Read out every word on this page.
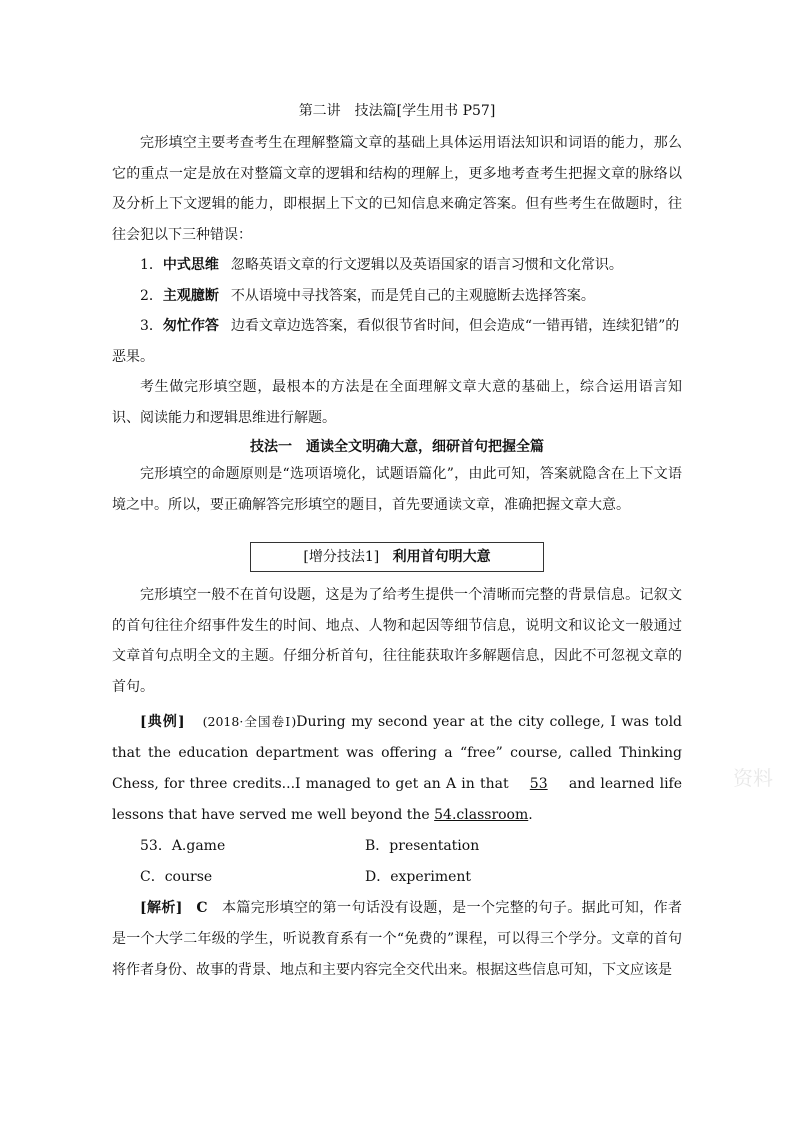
第二讲　技法篇[学生用书 P57]

完形填空主要考查考生在理解整篇文章的基础上具体运用语法知识和词语的能力，那么它的重点一定是放在对整篇文章的逻辑和结构的理解上，更多地考查考生把握文章的脉络以及分析上下文逻辑的能力，即根据上下文的已知信息来确定答案。但有些考生在做题时，往往会犯以下三种错误：

1．中式思维 忽略英语文章的行文逻辑以及英语国家的语言习惯和文化常识。

2．主观臆断 不从语境中寻找答案，而是凭自己的主观臆断去选择答案。

3．匆忙作答 边看文章边选答案，看似很节省时间，但会造成“一错再错，连续犯错”的恶果。

考生做完形填空题，最根本的方法是在全面理解文章大意的基础上，综合运用语言知识、阅读能力和逻辑思维进行解题。

技法一　通读全文明确大意，细研首句把握全篇

完形填空的命题原则是“选项语境化，试题语篇化”，由此可知，答案就隐含在上下文语境之中。所以，要正确解答完形填空的题目，首先要通读文章，准确把握文章大意。

[增分技法1] 利用首句明大意

完形填空一般不在首句设题，这是为了给考生提供一个清晰而完整的背景信息。记叙文的首句往往介绍事件发生的时间、地点、人物和起因等细节信息，说明文和议论文一般通过文章首句点明全文的主题。仔细分析首句，往往能获取许多解题信息，因此不可忽视文章的首句。

[典例] (2018·全国卷Ⅰ)During my second year at the city college, I was told that the education department was offering a “free” course, called Thinking Chess, for three credits...I managed to get an A in that 53 and learned life lessons that have served me well beyond the 54.classroom.

53．A.game	B．presentation
C．course	D．experiment

[解析] C 本篇完形填空的第一句话没有设题，是一个完整的句子。据此可知，作者是一个大学二年级的学生，听说教育系有一个“免费的”课程，可以得三个学分。文章的首句将作者身份、故事的背景、地点和主要内容完全交代出来。根据这些信息可知，下文应该是

资料
